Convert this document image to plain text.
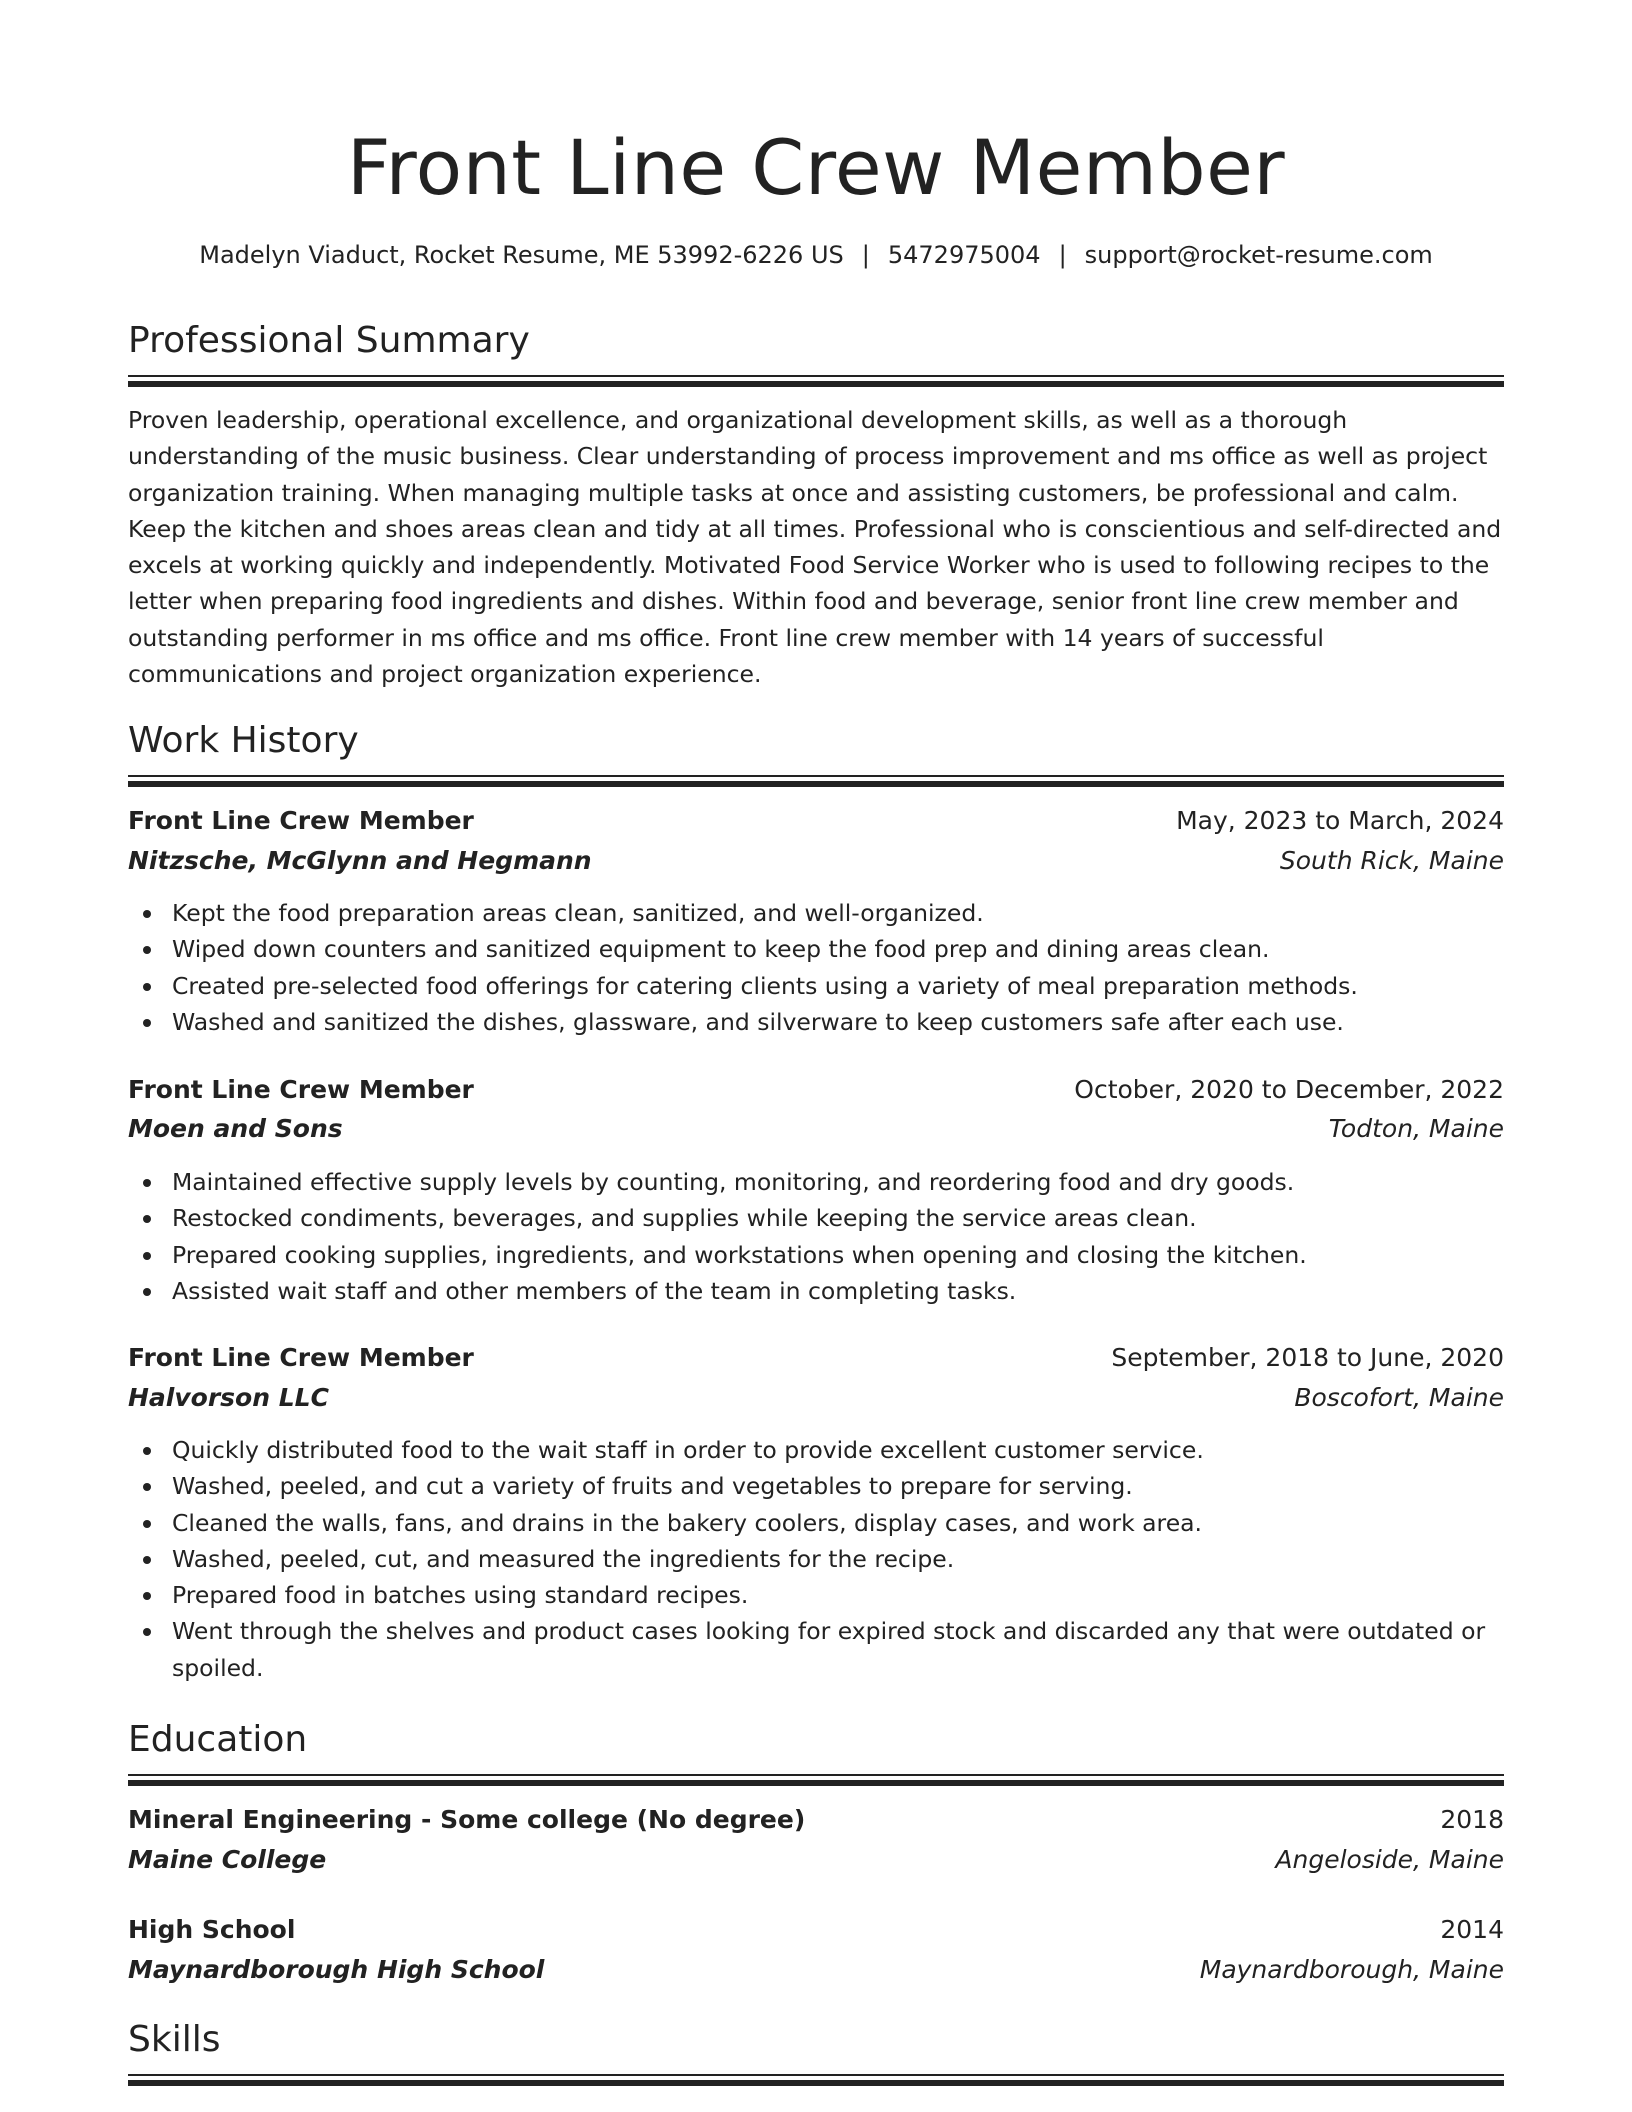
Front Line Crew Member
Madelyn Viaduct, Rocket Resume, ME 53992-6226 US | 5472975004 | support@rocket-resume.com
Professional Summary

Proven leadership, operational excellence, and organizational development skills, as well as a thorough understanding of the music business. Clear understanding of process improvement and ms office as well as project organization training. When managing multiple tasks at once and assisting customers, be professional and calm. Keep the kitchen and shoes areas clean and tidy at all times. Professional who is conscientious and self-directed and excels at working quickly and independently. Motivated Food Service Worker who is used to following recipes to the letter when preparing food ingredients and dishes. Within food and beverage, senior front line crew member and outstanding performer in ms office and ms office. Front line crew member with 14 years of successful communications and project organization experience.

Work History
Front Line Crew Member	May, 2023 to March, 2024
Nitzsche, McGlynn and Hegmann	South Rick, Maine
Kept the food preparation areas clean, sanitized, and well-organized.
Wiped down counters and sanitized equipment to keep the food prep and dining areas clean.
Created pre-selected food offerings for catering clients using a variety of meal preparation methods.
Washed and sanitized the dishes, glassware, and silverware to keep customers safe after each use.
Front Line Crew Member	October, 2020 to December, 2022
Moen and Sons	Todton, Maine
Maintained effective supply levels by counting, monitoring, and reordering food and dry goods.
Restocked condiments, beverages, and supplies while keeping the service areas clean.
Prepared cooking supplies, ingredients, and workstations when opening and closing the kitchen.
Assisted wait staff and other members of the team in completing tasks.
Front Line Crew Member	September, 2018 to June, 2020
Halvorson LLC	Boscofort, Maine
Quickly distributed food to the wait staff in order to provide excellent customer service.
Washed, peeled, and cut a variety of fruits and vegetables to prepare for serving.
Cleaned the walls, fans, and drains in the bakery coolers, display cases, and work area.
Washed, peeled, cut, and measured the ingredients for the recipe.
Prepared food in batches using standard recipes.
Went through the shelves and product cases looking for expired stock and discarded any that were outdated or spoiled.
Education
Mineral Engineering - Some college (No degree)	2018
Maine College	Angeloside, Maine
High School	2014
Maynardborough High School	Maynardborough, Maine
Skills
